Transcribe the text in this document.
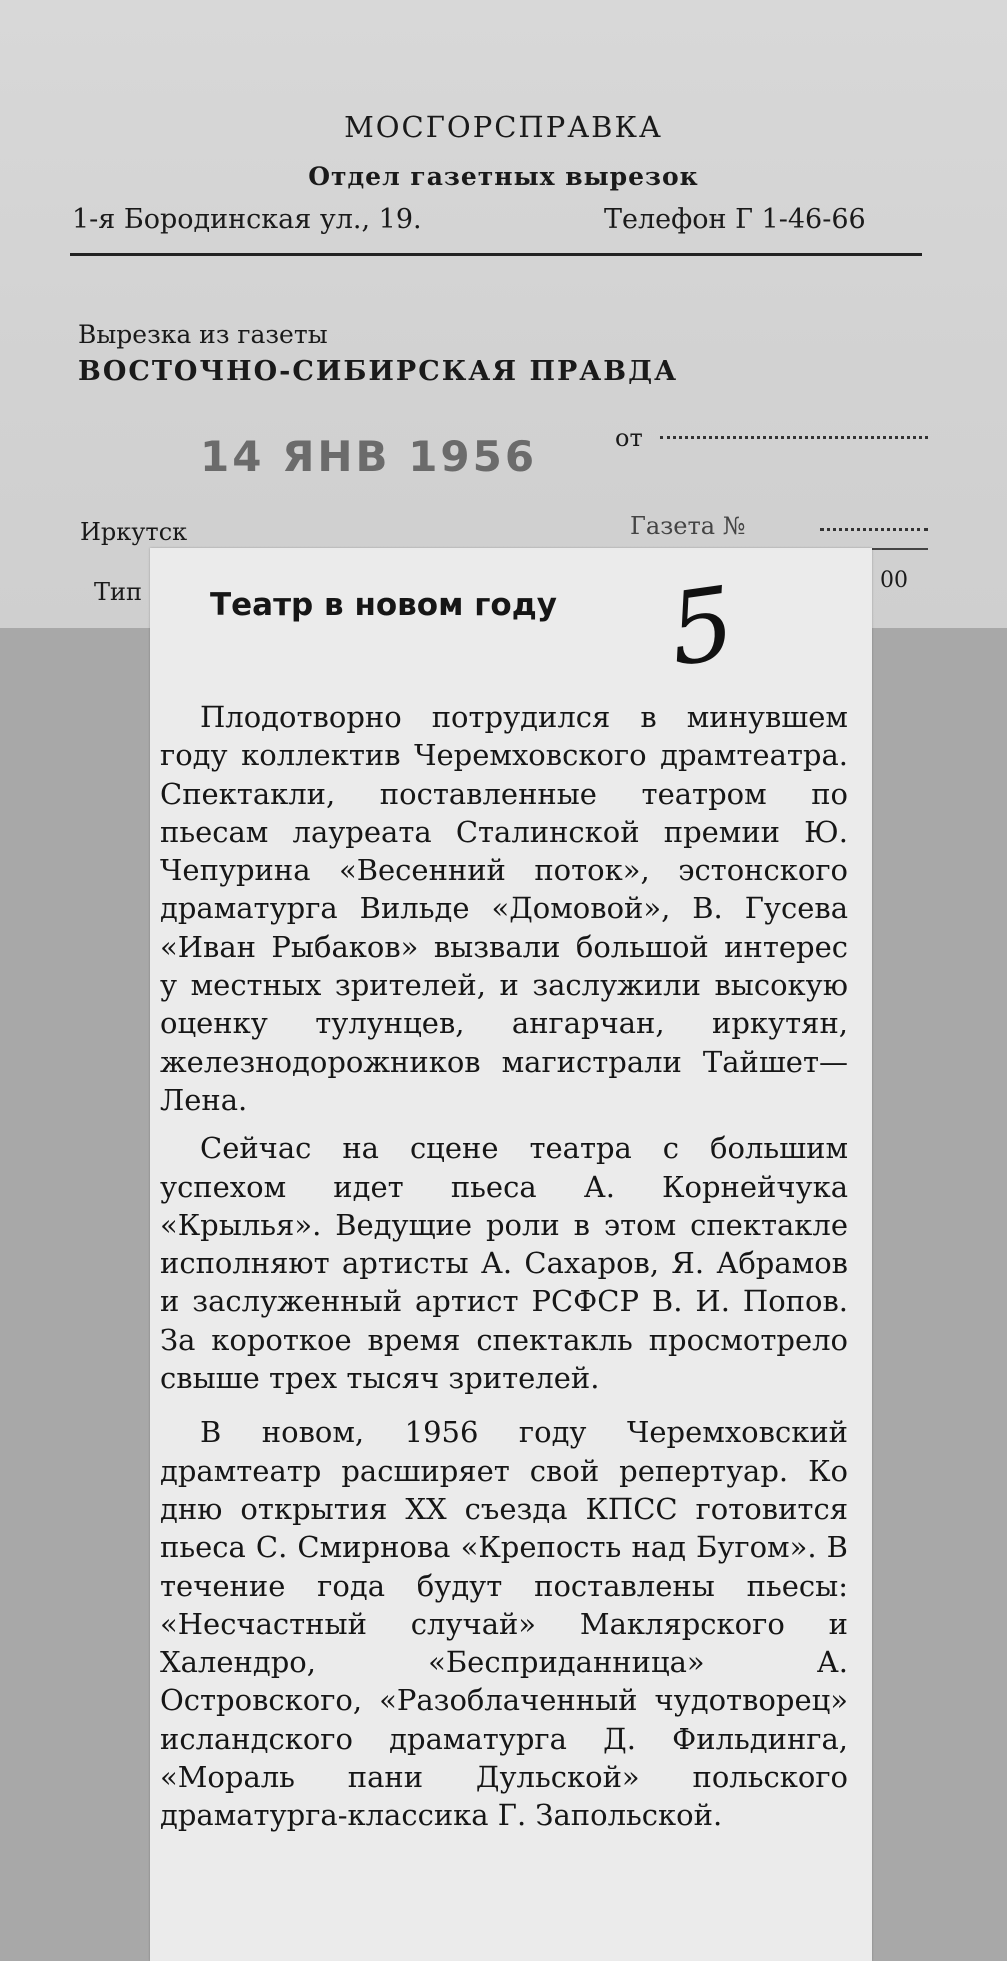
МОСГОРСПРАВКА
Отдел газетных вырезок
1-я Бородинская ул., 19.	Телефон Г 1-46-66
Вырезка из газеты
ВОСТОЧНО-СИБИРСКАЯ ПРАВДА
14 ЯНВ 1956	от
Иркутск	Газета №
Тип	00
Театр в новом году	5

Плодотворно потрудился в минувшем году коллектив Черемховского драмтеатра. Спектакли, поставленные театром по пьесам лауреата Сталинской премии Ю. Чепурина «Весенний поток», эстонского драматурга Вильде «Домовой», В. Гусева «Иван Рыбаков» вызвали большой интерес у местных зрителей, и заслужили высокую оценку тулунцев, ангарчан, иркутян, железнодорожников магистрали Тайшет—Лена.

Сейчас на сцене театра с большим успехом идет пьеса А. Корнейчука «Крылья». Ведущие роли в этом спектакле исполняют артисты А. Сахаров, Я. Абрамов и заслуженный артист РСФСР В. И. Попов. За короткое время спектакль просмотрело свыше трех тысяч зрителей.

В новом, 1956 году Черемховский драмтеатр расширяет свой репертуар. Ко дню открытия XX съезда КПСС готовится пьеса С. Смирнова «Крепость над Бугом». В течение года будут поставлены пьесы: «Несчастный случай» Маклярского и Халендро, «Бесприданница» А. Островского, «Разоблаченный чудотворец» исландского драматурга Д. Фильдинга, «Мораль пани Дульской» польского драматурга-классика Г. Запольской.
